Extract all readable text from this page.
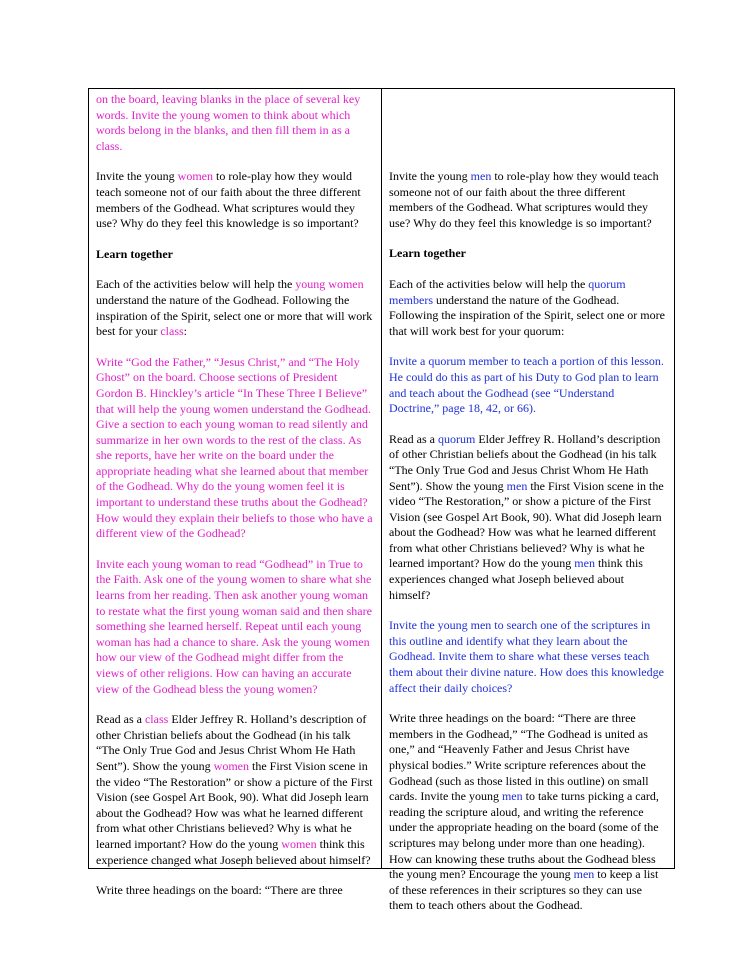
on the board, leaving blanks in the place of several key words. Invite the young women to think about which words belong in the blanks, and then fill them in as a class.

Invite the young women to role-play how they would teach someone not of our faith about the three different members of the Godhead. What scriptures would they use? Why do they feel this knowledge is so important?

Learn together

Each of the activities below will help the young women understand the nature of the Godhead. Following the inspiration of the Spirit, select one or more that will work best for your class:

Write “God the Father,” “Jesus Christ,” and “The Holy Ghost” on the board. Choose sections of President Gordon B. Hinckley’s article “In These Three I Believe” that will help the young women understand the Godhead. Give a section to each young woman to read silently and summarize in her own words to the rest of the class. As she reports, have her write on the board under the appropriate heading what she learned about that member of the Godhead. Why do the young women feel it is important to understand these truths about the Godhead? How would they explain their beliefs to those who have a different view of the Godhead?

Invite each young woman to read “Godhead” in True to the Faith. Ask one of the young women to share what she learns from her reading. Then ask another young woman to restate what the first young woman said and then share something she learned herself. Repeat until each young woman has had a chance to share. Ask the young women how our view of the Godhead might differ from the views of other religions. How can having an accurate view of the Godhead bless the young women?

Read as a class Elder Jeffrey R. Holland’s description of other Christian beliefs about the Godhead (in his talk “The Only True God and Jesus Christ Whom He Hath Sent”). Show the young women the First Vision scene in the video “The Restoration” or show a picture of the First Vision (see Gospel Art Book, 90). What did Joseph learn about the Godhead? How was what he learned different from what other Christians believed? Why is what he learned important? How do the young women think this experience changed what Joseph believed about himself?

Write three headings on the board: “There are three

Invite the young men to role-play how they would teach someone not of our faith about the three different members of the Godhead. What scriptures would they use? Why do they feel this knowledge is so important?

Learn together

Each of the activities below will help the quorum members understand the nature of the Godhead. Following the inspiration of the Spirit, select one or more that will work best for your quorum:

Invite a quorum member to teach a portion of this lesson. He could do this as part of his Duty to God plan to learn and teach about the Godhead (see “Understand Doctrine,” page 18, 42, or 66).

Read as a quorum Elder Jeffrey R. Holland’s description of other Christian beliefs about the Godhead (in his talk “The Only True God and Jesus Christ Whom He Hath Sent”). Show the young men the First Vision scene in the video “The Restoration,” or show a picture of the First Vision (see Gospel Art Book, 90). What did Joseph learn about the Godhead? How was what he learned different from what other Christians believed? Why is what he learned important? How do the young men think this experiences changed what Joseph believed about himself?

Invite the young men to search one of the scriptures in this outline and identify what they learn about the Godhead. Invite them to share what these verses teach them about their divine nature. How does this knowledge affect their daily choices?

Write three headings on the board: “There are three members in the Godhead,” “The Godhead is united as one,” and “Heavenly Father and Jesus Christ have physical bodies.” Write scripture references about the Godhead (such as those listed in this outline) on small cards. Invite the young men to take turns picking a card, reading the scripture aloud, and writing the reference under the appropriate heading on the board (some of the scriptures may belong under more than one heading). How can knowing these truths about the Godhead bless the young men? Encourage the young men to keep a list of these references in their scriptures so they can use them to teach others about the Godhead.
